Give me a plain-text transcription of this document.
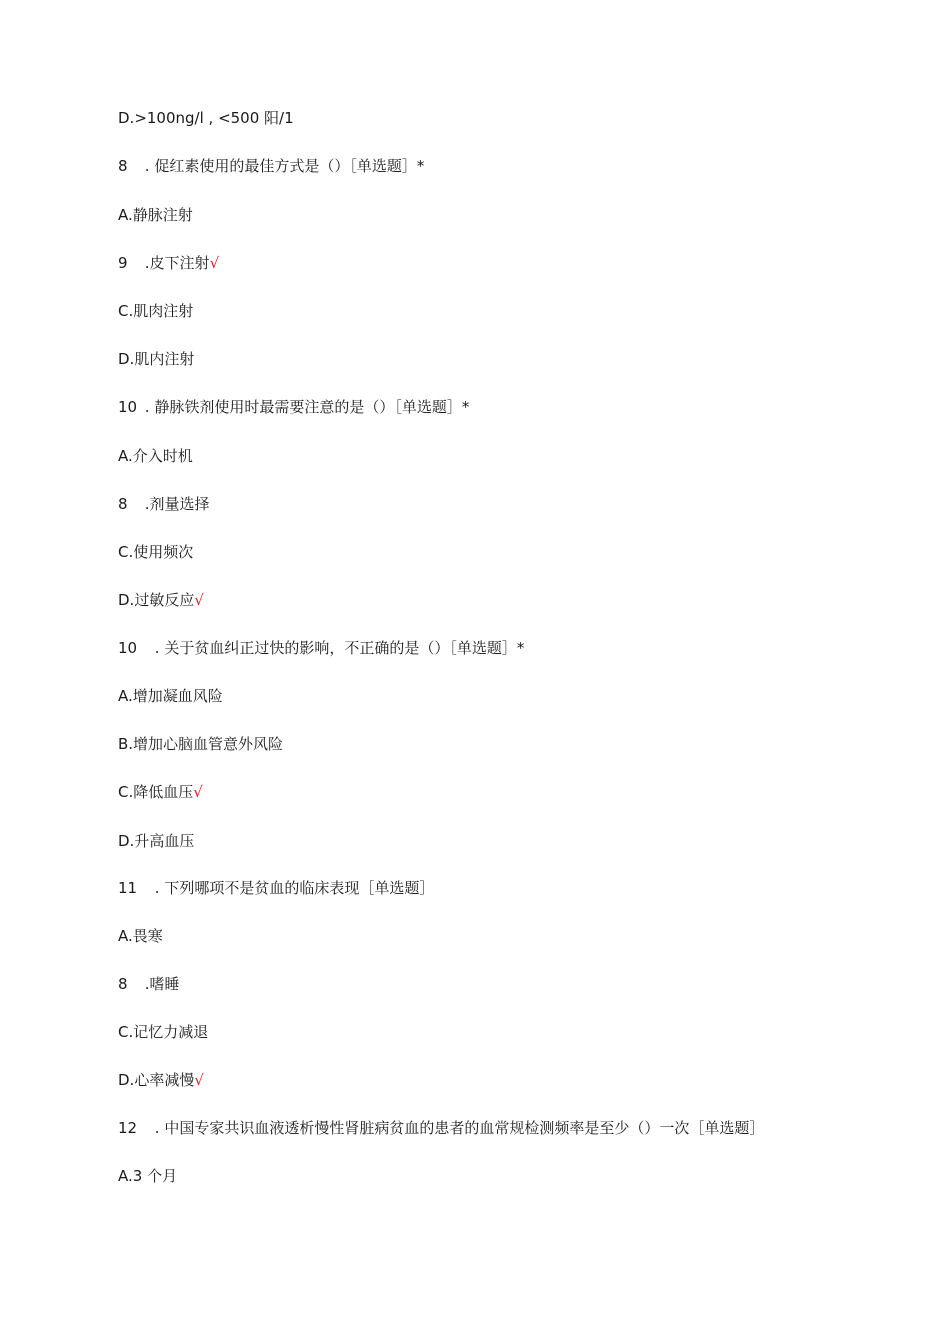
D.>100ng/l , <500 阳/1
8 . 促红素使用的最佳方式是（）［单选题］*
A.静脉注射
9 .皮下注射√
C.肌肉注射
D.肌内注射
10 . 静脉铁剂使用时最需要注意的是（）［单选题］*
A.介入时机
8 .剂量选择
C.使用频次
D.过敏反应√
10 . 关于贫血纠正过快的影响，不正确的是（）［单选题］*
A.增加凝血风险
B.增加心脑血管意外风险
C.降低血压√
D.升高血压
11 . 下列哪项不是贫血的临床表现［单选题］
A.畏寒
8 .嗜睡
C.记忆力减退
D.心率减慢√
12 . 中国专家共识血液透析慢性肾脏病贫血的患者的血常规检测频率是至少（）一次［单选题］
A.3 个月
